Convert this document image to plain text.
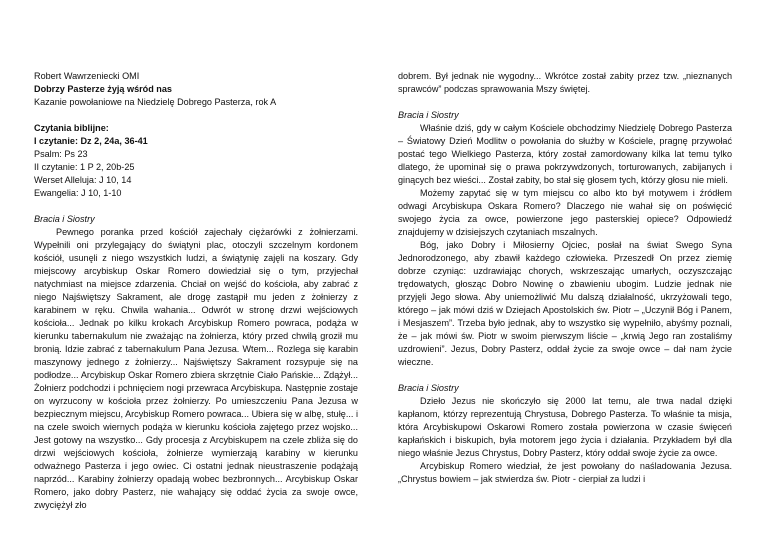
Robert Wawrzeniecki OMI

Dobrzy Pasterze żyją wśród nas

Kazanie powołaniowe na Niedzielę Dobrego Pasterza, rok A

Czytania biblijne:

I czytanie: Dz 2, 24a, 36-41

Psalm: Ps 23

II czytanie: 1 P 2, 20b-25

Werset Alleluja: J 10, 14

Ewangelia: J 10, 1-10

Bracia i Siostry

Pewnego poranka przed kościół zajechały ciężarówki z żołnierzami. Wypełnili oni przylegający do świątyni plac, otoczyli szczelnym kordonem kościół, usunęli z niego wszystkich ludzi, a świątynię zajęli na koszary. Gdy miejscowy arcybiskup Oskar Romero dowiedział się o tym, przyjechał natychmiast na miejsce zdarzenia. Chciał on wejść do kościoła, aby zabrać z niego Najświętszy Sakrament, ale drogę zastąpił mu jeden z żołnierzy z karabinem w ręku. Chwila wahania... Odwrót w stronę drzwi wejściowych kościoła... Jednak po kilku krokach Arcybiskup Romero powraca, podąża w kierunku tabernakulum nie zważając na żołnierza, który przed chwilą groził mu bronią. Idzie zabrać z tabernakulum Pana Jezusa. Wtem... Rozlega się karabin maszynowy jednego z żołnierzy... Najświętszy Sakrament rozsypuje się na podłodze... Arcybiskup Oskar Romero zbiera skrzętnie Ciało Pańskie... Zdążył... Żołnierz podchodzi i pchnięciem nogi przewraca Arcybiskupa. Następnie zostaje on wyrzucony w kościoła przez żołnierzy. Po umieszczeniu Pana Jezusa w bezpiecznym miejscu, Arcybiskup Romero powraca... Ubiera się w albę, stułę... i na czele swoich wiernych podąża w kierunku kościoła zajętego przez wojsko... Jest gotowy na wszystko... Gdy procesja z Arcybiskupem na czele zbliża się do drzwi wejściowych kościoła, żołnierze wymierzają karabiny w kierunku odważnego Pasterza i jego owiec. Ci ostatni jednak nieustraszenie podążają naprzód... Karabiny żołnierzy opadają wobec bezbronnych... Arcybiskup Oskar Romero, jako dobry Pasterz, nie wahający się oddać życia za swoje owce, zwyciężył zło

dobrem. Był jednak nie wygodny... Wkrótce został zabity przez tzw. „nieznanych sprawców” podczas sprawowania Mszy świętej.

Bracia i Siostry

Właśnie dziś, gdy w całym Kościele obchodzimy Niedzielę Dobrego Pasterza – Światowy Dzień Modlitw o powołania do służby w Kościele, pragnę przywołać postać tego Wielkiego Pasterza, który został zamordowany kilka lat temu tylko dlatego, że upominał się o prawa pokrzywdzonych, torturowanych, zabijanych i ginących bez wieści... Został zabity, bo stał się głosem tych, którzy głosu nie mieli.

Możemy zapytać się w tym miejscu co albo kto był motywem i źródłem odwagi Arcybiskupa Oskara Romero? Dlaczego nie wahał się on poświęcić swojego życia za owce, powierzone jego pasterskiej opiece? Odpowiedź znajdujemy w dzisiejszych czytaniach mszalnych.

Bóg, jako Dobry i Miłosierny Ojciec, posłał na świat Swego Syna Jednorodzonego, aby zbawił każdego człowieka. Przeszedł On przez ziemię dobrze czyniąc: uzdrawiając chorych, wskrzeszając umarłych, oczyszczając trędowatych, głosząc Dobro Nowinę o zbawieniu ubogim. Ludzie jednak nie przyjęli Jego słowa. Aby uniemożliwić Mu dalszą działalność, ukrzyżowali tego, którego – jak mówi dziś w Dziejach Apostolskich św. Piotr – „Uczynił Bóg i Panem, i Mesjaszem”. Trzeba było jednak, aby to wszystko się wypełniło, abyśmy poznali, że – jak mówi św. Piotr w swoim pierwszym liście – „krwią Jego ran zostaliśmy uzdrowieni”. Jezus, Dobry Pasterz, oddał życie za swoje owce – dał nam życie wieczne.

Bracia i Siostry

Dzieło Jezus nie skończyło się 2000 lat temu, ale trwa nadal dzięki kapłanom, którzy reprezentują Chrystusa, Dobrego Pasterza. To właśnie ta misja, która Arcybiskupowi Oskarowi Romero została powierzona w czasie święceń kapłańskich i biskupich, była motorem jego życia i działania. Przykładem był dla niego właśnie Jezus Chrystus, Dobry Pasterz, który oddał swoje życie za owce.

Arcybiskup Romero wiedział, że jest powołany do naśladowania Jezusa. „Chrystus bowiem – jak stwierdza św. Piotr - cierpiał za ludzi i
